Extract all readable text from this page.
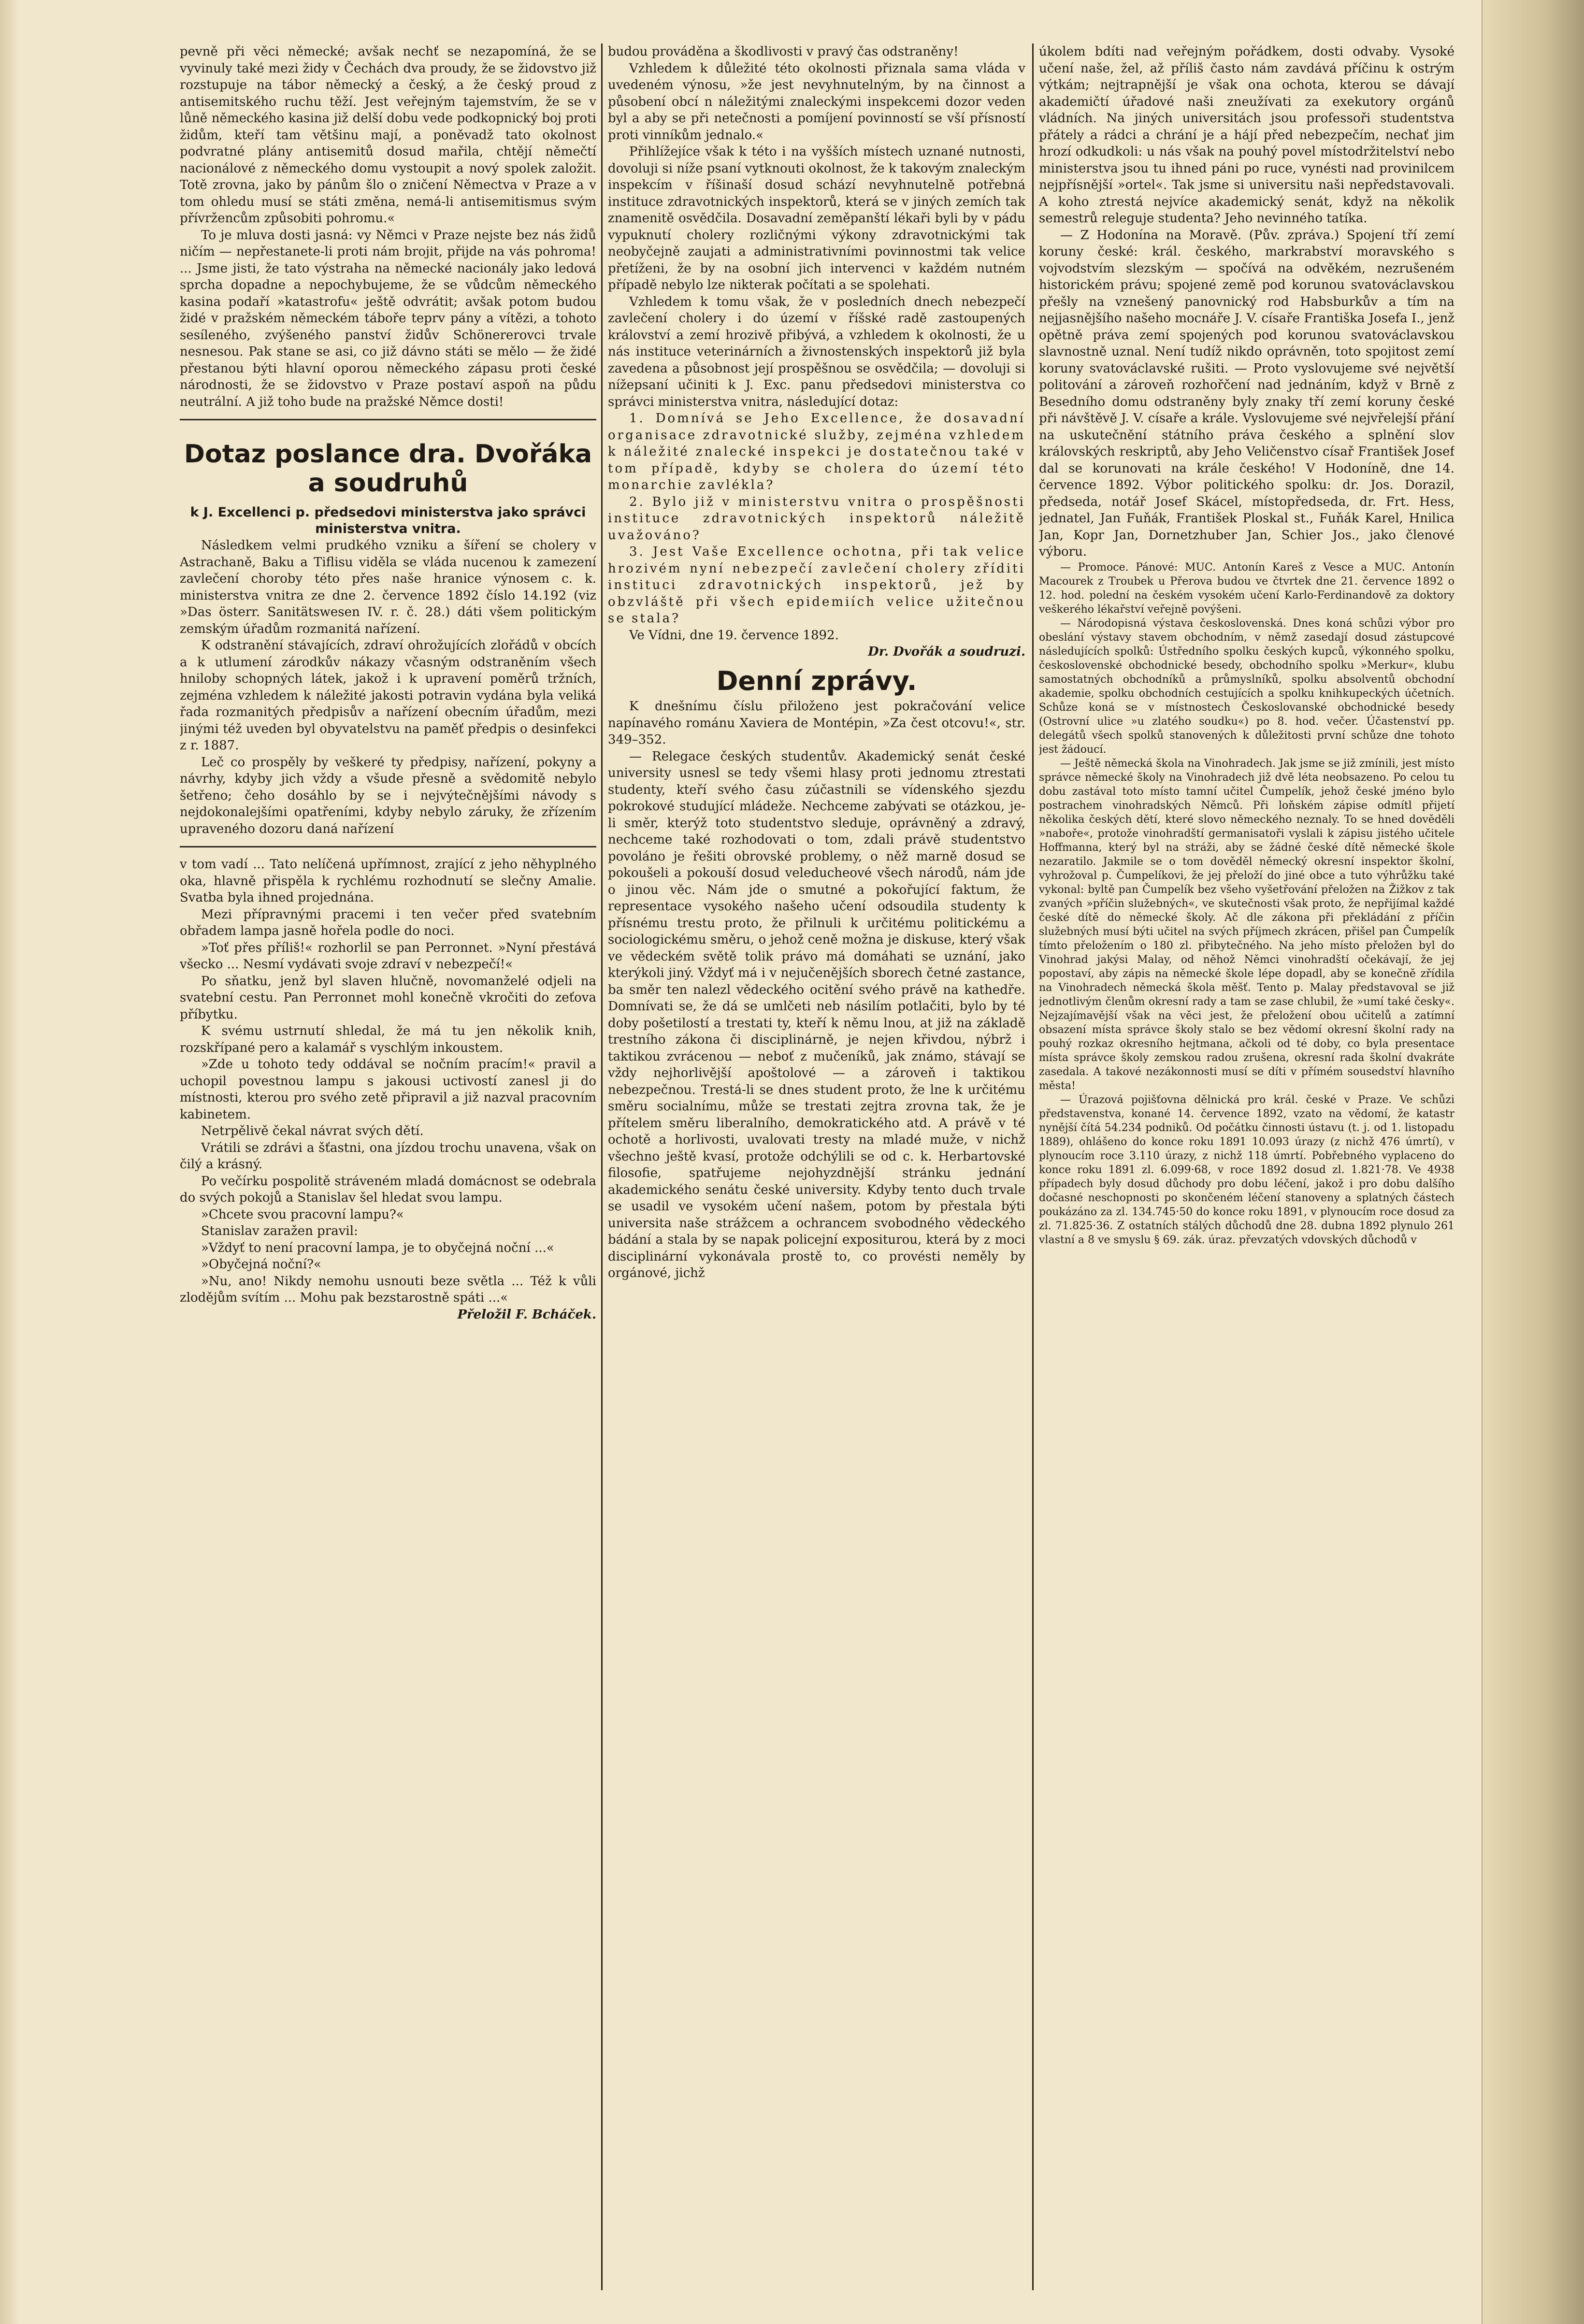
pevně při věci německé; avšak nechť se nezapomíná, že se vyvinuly také mezi židy v Čechách dva proudy, že se židovstvo již rozstupuje na tábor německý a český, a že český proud z antisemitského ruchu těží. Jest veřejným tajemstvím, že se v lůně německého kasina již delší dobu vede podkopnický boj proti židům, kteří tam většinu mají, a poněvadž tato okolnost podvratné plány antisemitů dosud mařila, chtějí němečtí nacionálové z německého domu vystoupit a nový spolek založit. Totě zrovna, jako by pánům šlo o zničení Němectva v Praze a v tom ohledu musí se státi změna, nemá-li antisemitismus svým přívržencům způsobiti pohromu.«

To je mluva dosti jasná: vy Němci v Praze nejste bez nás židů ničím — nepřestanete-li proti nám brojit, přijde na vás pohroma! ... Jsme jisti, že tato výstraha na německé nacionály jako ledová sprcha dopadne a nepochybujeme, že se vůdcům německého kasina podaří »katastrofu« ještě odvrátit; avšak potom budou židé v pražském německém táboře teprv pány a vítězi, a tohoto sesíleného, zvýšeného panství židův Schönererovci trvale nesnesou. Pak stane se asi, co již dávno státi se mělo — že židé přestanou býti hlavní oporou německého zápasu proti české národnosti, že se židovstvo v Praze postaví aspoň na půdu neutrální. A již toho bude na pražské Němce dosti!

Dotaz poslance dra. Dvořáka a soudruhů
k J. Excellenci p. předsedovi ministerstva jako správci ministerstva vnitra.

Následkem velmi prudkého vzniku a šíření se cholery v Astrachaně, Baku a Tiflisu viděla se vláda nucenou k zamezení zavlečení choroby této přes naše hranice výnosem c. k. ministerstva vnitra ze dne 2. července 1892 číslo 14.192 (viz »Das österr. Sanitätswesen IV. r. č. 28.) dáti všem politickým zemským úřadům rozmanitá nařízení.

K odstranění stávajících, zdraví ohrožujících zlořádů v obcích a k utlumení zárodkův nákazy včasným odstraněním všech hniloby schopných látek, jakož i k upravení poměrů tržních, zejména vzhledem k náležité jakosti potravin vydána byla veliká řada rozmanitých předpisův a nařízení obecním úřadům, mezi jinými též uveden byl obyvatelstvu na paměť předpis o desinfekci z r. 1887.

Leč co prospěly by veškeré ty předpisy, nařízení, pokyny a návrhy, kdyby jich vždy a všude přesně a svědomitě nebylo šetřeno; čeho dosáhlo by se i nejvýtečnějšími návody s nejdokonalejšími opatřeními, kdyby nebylo záruky, že zřízením upraveného dozoru daná nařízení

v tom vadí ... Tato nelíčená upřímnost, zrající z jeho něhyplného oka, hlavně přispěla k rychlému rozhodnutí se slečny Amalie. Svatba byla ihned projednána.

Mezi přípravnými pracemi i ten večer před svatebním obřadem lampa jasně hořela podle do noci.

»Toť přes příliš!« rozhorlil se pan Perronnet. »Nyní přestává všecko ... Nesmí vydávati svoje zdraví v nebezpečí!«

Po sňatku, jenž byl slaven hlučně, novomanželé odjeli na svatební cestu. Pan Perronnet mohl konečně vkročiti do zeťova příbytku.

K svému ustrnutí shledal, že má tu jen několik knih, rozskřípané pero a kalamář s vyschlým inkoustem.

»Zde u tohoto tedy oddával se nočním pracím!« pravil a uchopil povestnou lampu s jakousi uctivostí zanesl ji do místnosti, kterou pro svého zetě připravil a již nazval pracovním kabinetem.

Netrpělivě čekal návrat svých dětí.

Vrátili se zdrávi a šťastni, ona jízdou trochu unavena, však on čilý a krásný.

Po večírku pospolitě stráveném mladá domácnost se odebrala do svých pokojů a Stanislav šel hledat svou lampu.

»Chcete svou pracovní lampu?«

Stanislav zaražen pravil:

»Vždyť to není pracovní lampa, je to obyčejná noční ...«

»Obyčejná noční?«

»Nu, ano! Nikdy nemohu usnouti beze světla ... Též k vůli zlodějům svítím ... Mohu pak bezstarostně spáti ...«

Přeložil F. Bcháček.

budou prováděna a škodlivosti v pravý čas odstraněny!

Vzhledem k důležité této okolnosti přiznala sama vláda v uvedeném výnosu, »že jest nevyhnutelným, by na činnost a působení obcí n náležitými znaleckými inspekcemi dozor veden byl a aby se při netečnosti a pomíjení povinností se vší přísností proti vinníkům jednalo.«

Přihlížejíce však k této i na vyšších místech uznané nutnosti, dovoluji si níže psaní vytknouti okolnost, že k takovým znaleckým inspekcím v říšinaší dosud schází nevyhnutelně potřebná instituce zdravotnických inspektorů, která se v jiných zemích tak znamenitě osvědčila. Dosavadní zeměpanští lékaři byli by v pádu vypuknutí cholery rozličnými výkony zdravotnickými tak neobyčejně zaujati a administrativními povinnostmi tak velice přetíženi, že by na osobní jich intervenci v každém nutném případě nebylo lze nikterak počítati a se spolehati.

Vzhledem k tomu však, že v posledních dnech nebezpečí zavlečení cholery i do území v říšské radě zastoupených království a zemí hrozivě přibývá, a vzhledem k okolnosti, že u nás instituce veterinárních a živnostenských inspektorů již byla zavedena a působnost její prospěšnou se osvědčila; — dovoluji si nížepsaní učiniti k J. Exc. panu předsedovi ministerstva co správci ministerstva vnitra, následující dotaz:

1. Domnívá se Jeho Excellence, že dosavadní organisace zdravotnické služby, zejména vzhledem k náležité znalecké inspekci je dostatečnou také v tom případě, kdyby se cholera do území této monarchie zavlékla?

2. Bylo již v ministerstvu vnitra o prospěšnosti instituce zdravotnických inspektorů náležitě uvažováno?

3. Jest Vaše Excellence ochotna, při tak velice hrozivém nyní nebezpečí zavlečení cholery zříditi instituci zdravotnických inspektorů, jež by obzvláště při všech epidemiích velice užitečnou se stala?

Ve Vídni, dne 19. července 1892.

Dr. Dvořák a soudruzi.
Denní zprávy.

K dnešnímu číslu přiloženo jest pokračování velice napínavého románu Xaviera de Montépin, »Za čest otcovu!«, str. 349–352.

— Relegace českých studentův. Akademický senát české university usnesl se tedy všemi hlasy proti jednomu ztrestati studenty, kteří svého času zúčastnili se vídenského sjezdu pokrokové studující mládeže. Nechceme zabývati se otázkou, je-li směr, kterýž toto studentstvo sleduje, oprávněný a zdravý, nechceme také rozhodovati o tom, zdali právě studentstvo povoláno je řešiti obrovské problemy, o něž marně dosud se pokoušeli a pokouší dosud veleducheové všech národů, nám jde o jinou věc. Nám jde o smutné a pokořující faktum, že representace vysokého našeho učení odsoudila studenty k přísnému trestu proto, že přilnuli k určitému politickému a sociologickému směru, o jehož ceně možna je diskuse, který však ve vědeckém světě tolik právo má domáhati se uznání, jako kterýkoli jiný. Vždyť má i v nejučenějších sborech četné zastance, ba směr ten nalezl vědeckého ocitění svého právě na kathedře. Domnívati se, že dá se umlčeti neb násilím potlačiti, bylo by té doby pošetilostí a trestati ty, kteří k němu lnou, at již na základě trestního zákona či disciplinárně, je nejen křivdou, nýbrž i taktikou zvrácenou — neboť z mučeníků, jak známo, stávají se vždy nejhorlivější apoštolové — a zároveň i taktikou nebezpečnou. Trestá-li se dnes student proto, že lne k určitému směru socialnímu, může se trestati zejtra zrovna tak, že je přítelem směru liberalního, demokratického atd. A právě v té ochotě a horlivosti, uvalovati tresty na mladé muže, v nichž všechno ještě kvasí, protože odchýlili se od c. k. Herbartovské filosofie, spatřujeme nejohyzdnější stránku jednání akademického senátu české university. Kdyby tento duch trvale se usadil ve vysokém učení našem, potom by přestala býti universita naše strážcem a ochrancem svobodného vědeckého bádání a stala by se napak policejní expositurou, která by z moci disciplinární vykonávala prostě to, co provésti neměly by orgánové, jichž

úkolem bdíti nad veřejným pořádkem, dosti odvaby. Vysoké učení naše, žel, až příliš často nám zavdává příčinu k ostrým výtkám; nejtrapnější je však ona ochota, kterou se dávají akademičtí úřadové naši zneužívati za exekutory orgánů vládních. Na jiných universitách jsou professoři studentstva přátely a rádci a chrání je a hájí před nebezpečím, nechať jim hrozí odkudkoli: u nás však na pouhý povel místodržitelství nebo ministerstva jsou tu ihned páni po ruce, vynésti nad provinilcem nejpřísnější »ortel«. Tak jsme si universitu naši nepředstavovali. A koho ztrestá nejvíce akademický senát, když na několik semestrů releguje studenta? Jeho nevinného tatíka.

— Z Hodonína na Moravě. (Pův. zpráva.) Spojení tří zemí koruny české: král. českého, markrabství moravského s vojvodstvím slezským — spočívá na odvěkém, nezrušeném historickém právu; spojené země pod korunou svatováclavskou přešly na vznešený panovnický rod Habsburkův a tím na nejjasnějšího našeho mocnáře J. V. císaře Františka Josefa I., jenž opětně práva zemí spojených pod korunou svatováclavskou slavnostně uznal. Není tudíž nikdo oprávněn, toto spojitost zemí koruny svatováclavské rušiti. — Proto vyslovujeme své největší politování a zároveň rozhořčení nad jednáním, když v Brně z Besedního domu odstraněny byly znaky tří zemí koruny české při návštěvě J. V. císaře a krále. Vyslovujeme své nejvřelejší přání na uskutečnění státního práva českého a splnění slov královských reskriptů, aby Jeho Veličenstvo císař František Josef dal se korunovati na krále českého! V Hodoníně, dne 14. července 1892. Výbor politického spolku: dr. Jos. Dorazil, předseda, notář Josef Skácel, místopředseda, dr. Frt. Hess, jednatel, Jan Fuňák, František Ploskal st., Fuňák Karel, Hnilica Jan, Kopr Jan, Dornetzhuber Jan, Schier Jos., jako členové výboru.

— Promoce. Pánové: MUC. Antonín Kareš z Vesce a MUC. Antonín Macourek z Troubek u Přerova budou ve čtvrtek dne 21. července 1892 o 12. hod. polední na českém vysokém učení Karlo-Ferdinandově za doktory veškerého lékařství veřejně povýšeni.

— Národopisná výstava československá. Dnes koná schůzi výbor pro obeslání výstavy stavem obchodním, v němž zasedají dosud zástupcové následujících spolků: Ústředního spolku českých kupců, výkonného spolku, československé obchodnické besedy, obchodního spolku »Merkur«, klubu samostatných obchodníků a průmyslníků, spolku absolventů obchodní akademie, spolku obchodních cestujících a spolku knihkupeckých účetních. Schůze koná se v místnostech Českoslovanské obchodnické besedy (Ostrovní ulice »u zlatého soudku«) po 8. hod. večer. Účastenství pp. delegátů všech spolků stanovených k důležitosti první schůze dne tohoto jest žádoucí.

— Ještě německá škola na Vinohradech. Jak jsme se již zmínili, jest místo správce německé školy na Vinohradech již dvě léta neobsazeno. Po celou tu dobu zastával toto místo tamní učitel Čumpelík, jehož české jméno bylo postrachem vinohradských Němců. Při loňském zápise odmítl přijetí několika českých dětí, které slovo německého neznaly. To se hned dověděli »naboře«, protože vinohradští germanisatoři vyslali k zápisu jistého učitele Hoffmanna, který byl na stráži, aby se žádné české dítě německé škole nezaratilo. Jakmile se o tom dověděl německý okresní inspektor školní, vyhrožoval p. Čumpelíkovi, že jej přeloží do jiné obce a tuto výhrůžku také vykonal: byltě pan Čumpelík bez všeho vyšetřování přeložen na Žižkov z tak zvaných »příčin služebných«, ve skutečnosti však proto, že nepřijímal každé české dítě do německé školy. Ač dle zákona při překládání z příčin služebných musí býti učitel na svých příjmech zkrácen, přišel pan Čumpelík tímto přeložením o 180 zl. přibytečného. Na jeho místo přeložen byl do Vinohrad jakýsi Malay, od něhož Němci vinohradští očekávají, že jej popostaví, aby zápis na německé škole lépe dopadl, aby se konečně zřídila na Vinohradech německá škola měšť. Tento p. Malay představoval se již jednotlivým členům okresní rady a tam se zase chlubil, že »umí také česky«. Nejzajímavější však na věci jest, že přeložení obou učitelů a zatímní obsazení místa správce školy stalo se bez vědomí okresní školní rady na pouhý rozkaz okresního hejtmana, ačkoli od té doby, co byla presentace místa správce školy zemskou radou zrušena, okresní rada školní dvakráte zasedala. A takové nezákonnosti musí se díti v přímém sousedství hlavního města!

— Úrazová pojišťovna dělnická pro král. české v Praze. Ve schůzi představenstva, konané 14. července 1892, vzato na vědomí, že katastr nynější čítá 54.234 podniků. Od počátku činnosti ústavu (t. j. od 1. listopadu 1889), ohlášeno do konce roku 1891 10.093 úrazy (z nichž 476 úmrtí), v plynoucím roce 3.110 úrazy, z nichž 118 úmrtí. Pobřebného vyplaceno do konce roku 1891 zl. 6.099·68, v roce 1892 dosud zl. 1.821·78. Ve 4938 případech byly dosud důchody pro dobu léčení, jakož i pro dobu dalšího dočasné neschopnosti po skončeném léčení stanoveny a splatných částech poukázáno za zl. 134.745·50 do konce roku 1891, v plynoucím roce dosud za zl. 71.825·36. Z ostatních stálých důchodů dne 28. dubna 1892 plynulo 261 vlastní a 8 ve smyslu § 69. zák. úraz. převzatých vdovských důchodů v
